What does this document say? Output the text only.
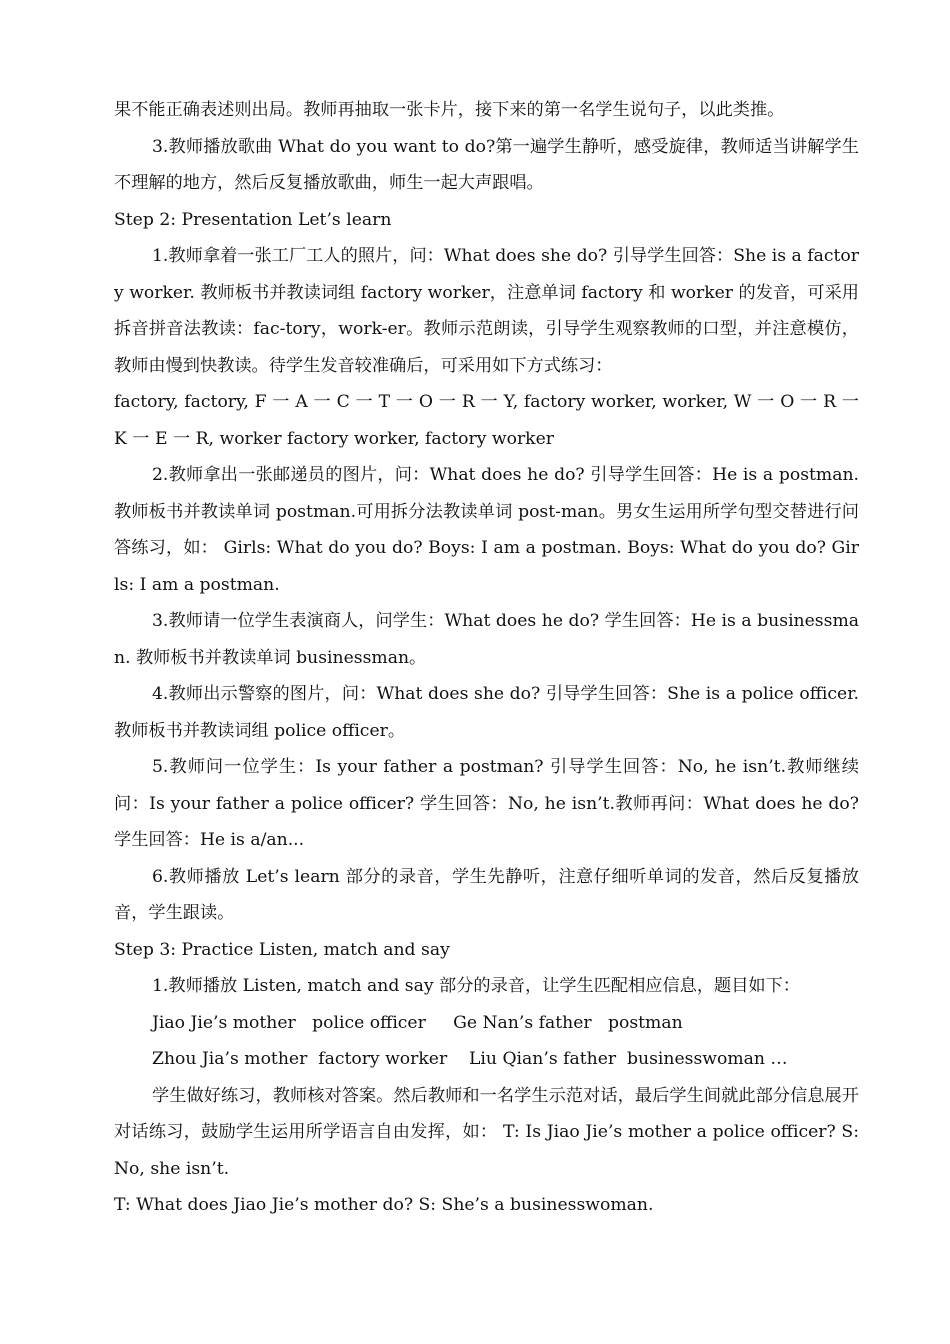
果不能正确表述则出局。教师再抽取一张卡片，接下来的第一名学生说句子，以此类推。

3.教师播放歌曲 What do you want to do?第一遍学生静听，感受旋律，教师适当讲解学生不理解的地方，然后反复播放歌曲，师生一起大声跟唱。

Step 2: Presentation Let’s learn

1.教师拿着一张工厂工人的照片，问：What does she do? 引导学生回答：She is a factory worker. 教师板书并教读词组 factory worker，注意单词 factory 和 worker 的发音，可采用拆音拼音法教读：fac-tory，work-er。教师示范朗读，引导学生观察教师的口型，并注意模仿，教师由慢到快教读。待学生发音较准确后，可采用如下方式练习：

factory, factory, F 一 A 一 C 一 T 一 O 一 R 一 Y, factory worker, worker, W 一 O 一 R 一 K 一 E 一 R, worker factory worker, factory worker

2.教师拿出一张邮递员的图片，问：What does he do? 引导学生回答：He is a postman. 教师板书并教读单词 postman.可用拆分法教读单词 post-man。男女生运用所学句型交替进行问答练习，如： Girls: What do you do? Boys: I am a postman. Boys: What do you do? Girls: I am a postman.

3.教师请一位学生表演商人，问学生：What does he do? 学生回答：He is a businessman. 教师板书并教读单词 businessman。

4.教师出示警察的图片，问：What does she do? 引导学生回答：She is a police officer. 教师板书并教读词组 police officer。

5.教师问一位学生：Is your father a postman? 引导学生回答：No, he isn’t.教师继续问：Is your father a police officer? 学生回答：No, he isn’t.教师再问：What does he do? 学生回答：He is a/an...

6.教师播放 Let’s learn 部分的录音，学生先静听，注意仔细听单词的发音，然后反复播放音，学生跟读。

Step 3: Practice Listen, match and say

1.教师播放 Listen, match and say 部分的录音，让学生匹配相应信息，题目如下：

Jiao Jie’s mother   police officer     Ge Nan’s father   postman

Zhou Jia’s mother  factory worker    Liu Qian’s father  businesswoman …

学生做好练习，教师核对答案。然后教师和一名学生示范对话，最后学生间就此部分信息展开对话练习，鼓励学生运用所学语言自由发挥，如： T: Is Jiao Jie’s mother a police officer? S: No, she isn’t.

T: What does Jiao Jie’s mother do? S: She’s a businesswoman.
